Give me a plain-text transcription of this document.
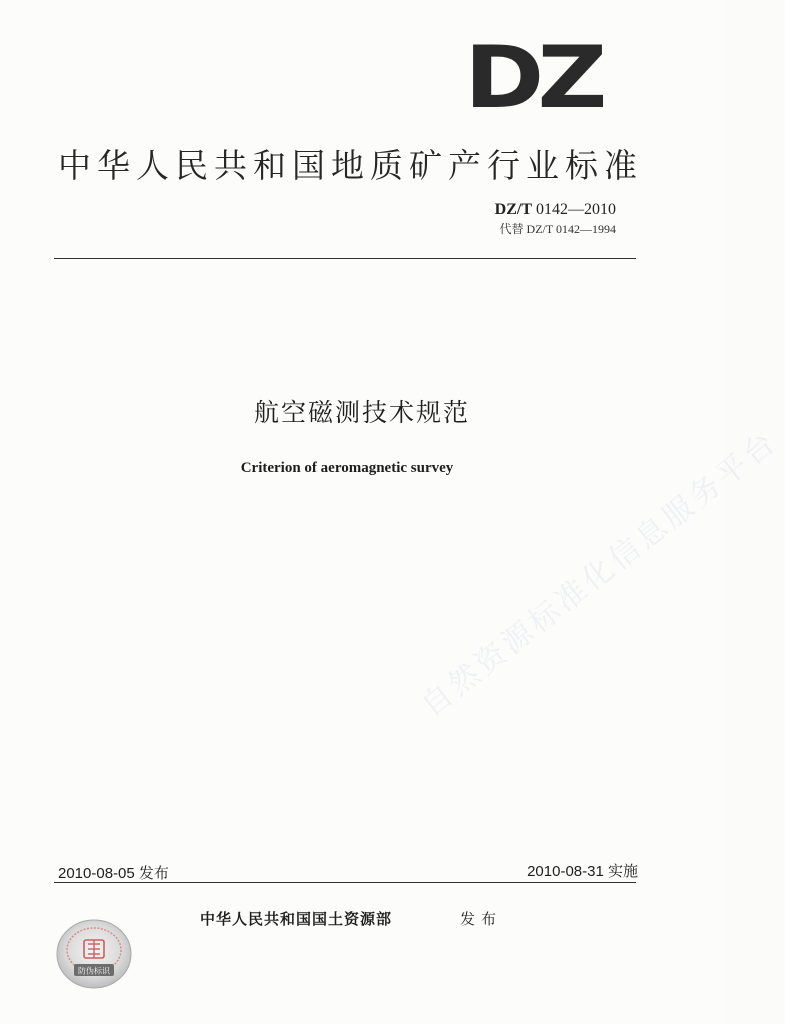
DZ
中华人民共和国地质矿产行业标准
DZ/T 0142—2010
代替 DZ/T 0142—1994
航空磁测技术规范
Criterion of aeromagnetic survey
自然资源标准化信息服务平台
2010-08-05 发布	2010-08-31 实施
中华人民共和国国土资源部	发布
防伪标识
